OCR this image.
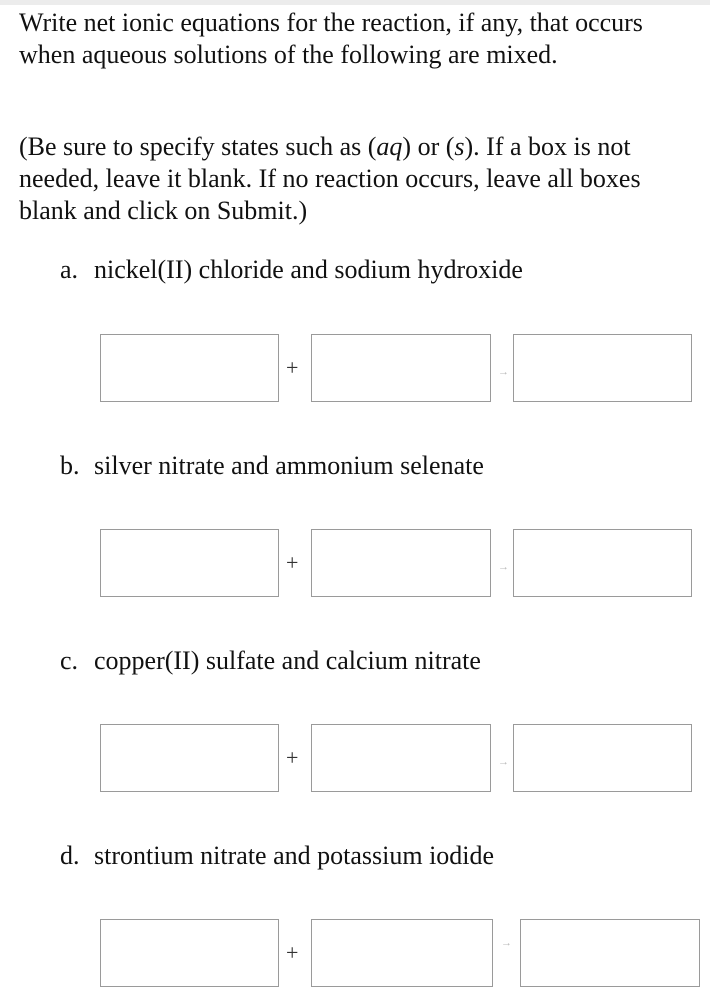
Write net ionic equations for the reaction, if any, that occurs when aqueous solutions of the following are mixed.

(Be sure to specify states such as (aq) or (s). If a box is not needed, leave it blank. If no reaction occurs, leave all boxes blank and click on Submit.)

a. nickel(II) chloride and sodium hydroxide

+	→

b. silver nitrate and ammonium selenate

+	→

c. copper(II) sulfate and calcium nitrate

+	→

d. strontium nitrate and potassium iodide

+	→
